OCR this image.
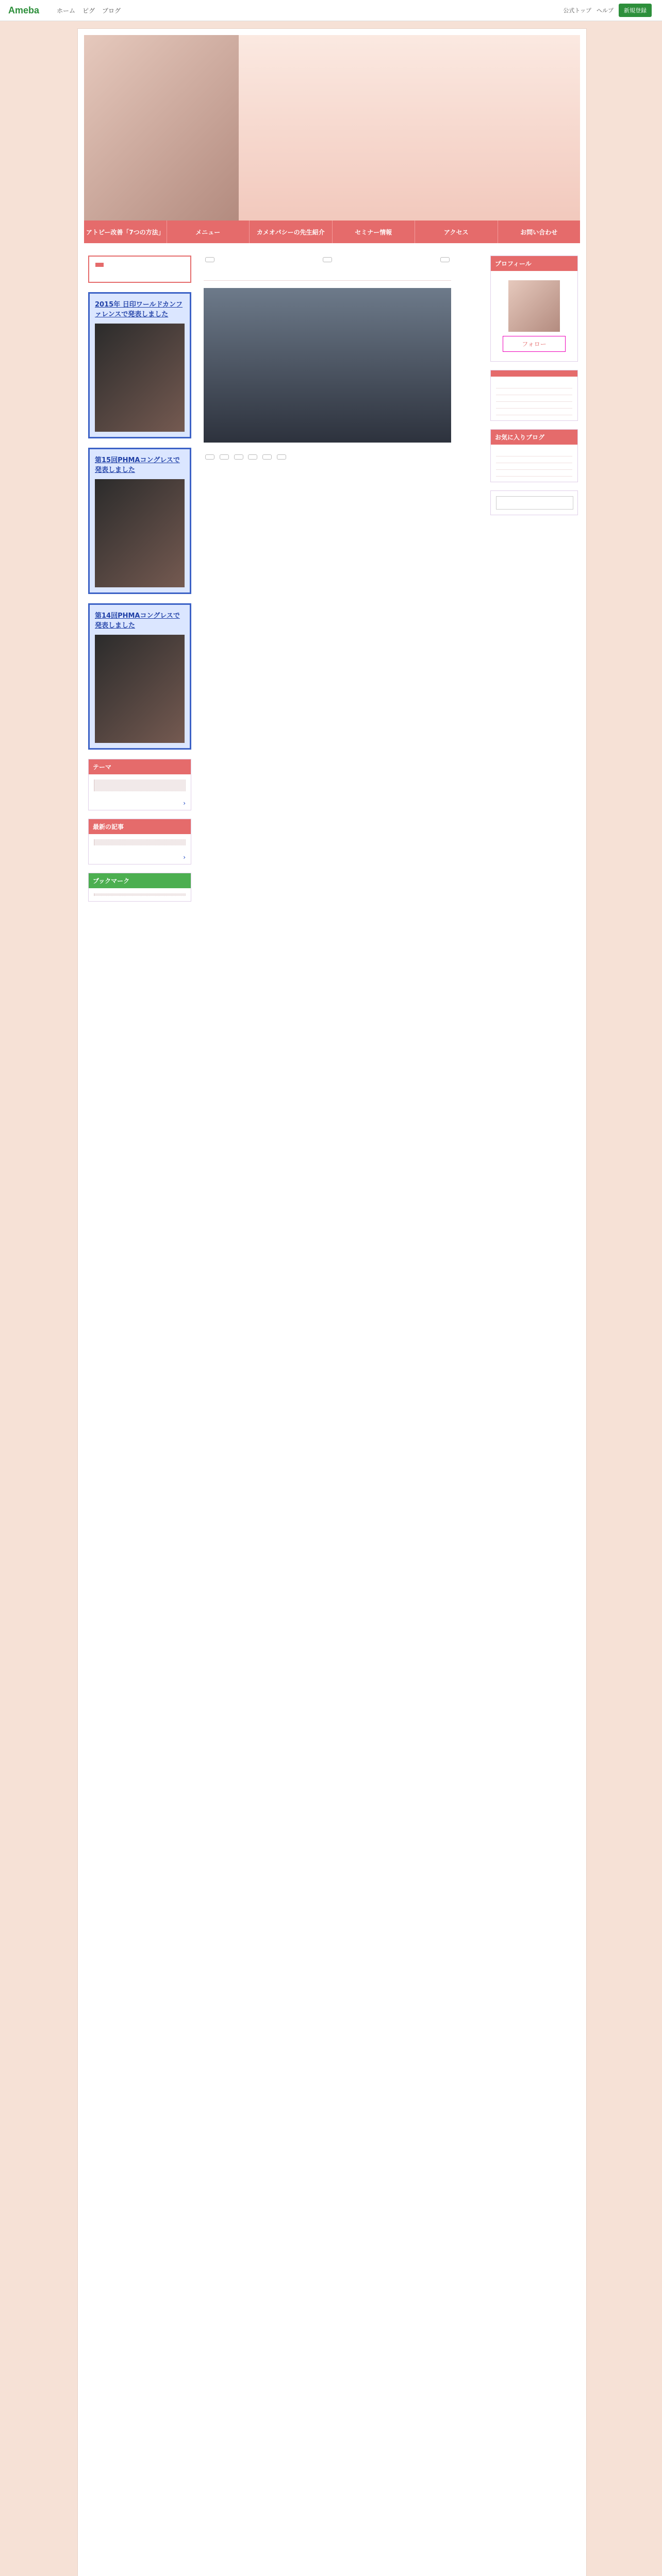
Ameba	ホーム ピグ ブログ	公式トップ ヘルプ	新規登録
アトピー改善「7つの方法」	メニュー	カメオパシーの先生紹介	セミナー情報	アクセス	お問い合わせ
2015年 日印ワールドカンファレンスで発表しました
第15回PHMAコングレスで発表しました
第14回PHMAコングレスで発表しました
テーマ
›
最新の記事
›
ブックマーク

プロフィール
フォロー
お気に入りブログ
